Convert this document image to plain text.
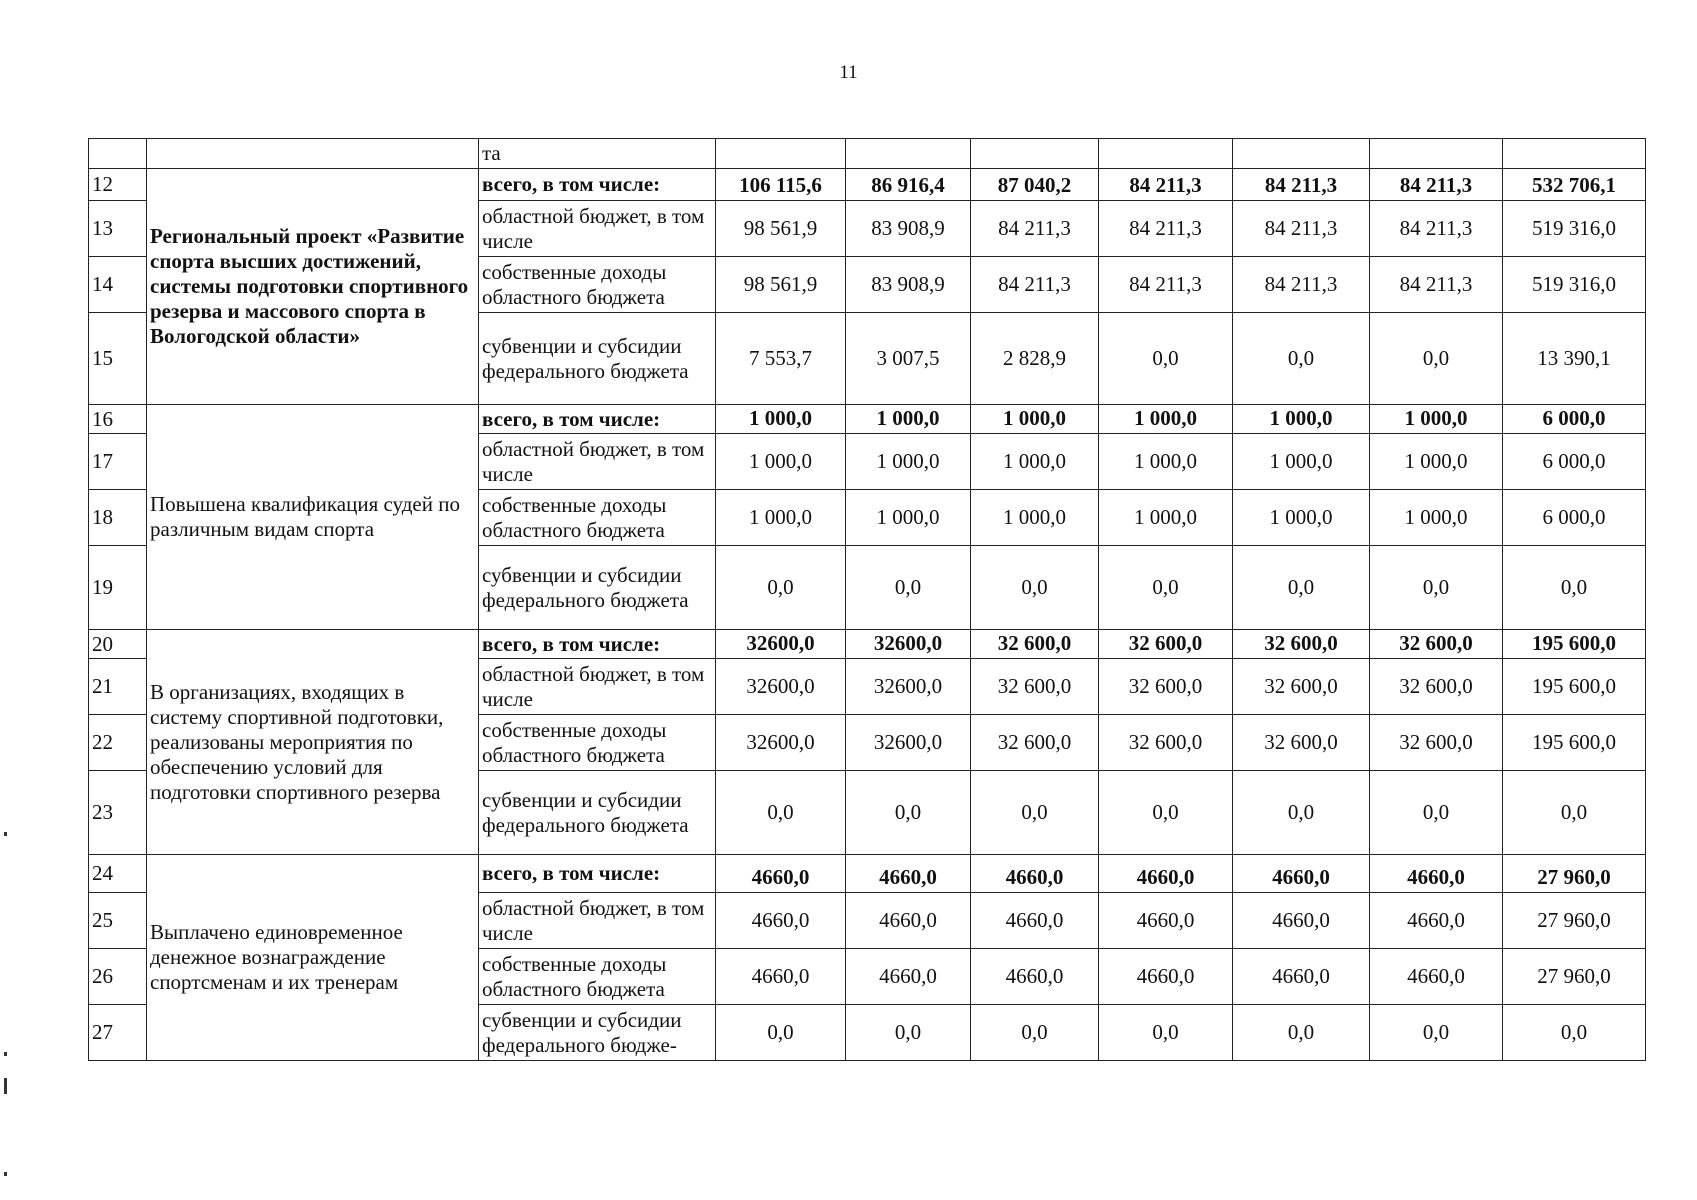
11
		та							
12	Региональный проект «Развитие спорта высших достижений, системы подготовки спортивного резерва и массового спорта в Вологодской области»	всего, в том числе:	106 115,6	86 916,4	87 040,2	84 211,3	84 211,3	84 211,3	532 706,1
13		областной бюджет, в том числе	98 561,9	83 908,9	84 211,3	84 211,3	84 211,3	84 211,3	519 316,0
14		собственные доходы областного бюджета	98 561,9	83 908,9	84 211,3	84 211,3	84 211,3	84 211,3	519 316,0
15		субвенции и субсидии федерального бюджета	7 553,7	3 007,5	2 828,9	0,0	0,0	0,0	13 390,1
16	Повышена квалификация судей по различным видам спорта	всего, в том числе:	1 000,0	1 000,0	1 000,0	1 000,0	1 000,0	1 000,0	6 000,0
17		областной бюджет, в том числе	1 000,0	1 000,0	1 000,0	1 000,0	1 000,0	1 000,0	6 000,0
18		собственные доходы областного бюджета	1 000,0	1 000,0	1 000,0	1 000,0	1 000,0	1 000,0	6 000,0
19		субвенции и субсидии федерального бюджета	0,0	0,0	0,0	0,0	0,0	0,0	0,0
20	В организациях, входящих в систему спортивной подготовки, реализованы мероприятия по обеспечению условий для подготовки спортивного резерва	всего, в том числе:	32600,0	32600,0	32 600,0	32 600,0	32 600,0	32 600,0	195 600,0
21		областной бюджет, в том числе	32600,0	32600,0	32 600,0	32 600,0	32 600,0	32 600,0	195 600,0
22		собственные доходы областного бюджета	32600,0	32600,0	32 600,0	32 600,0	32 600,0	32 600,0	195 600,0
23		субвенции и субсидии федерального бюджета	0,0	0,0	0,0	0,0	0,0	0,0	0,0
24	Выплачено единовременное денежное вознаграждение спортсменам и их тренерам	всего, в том числе:	4660,0	4660,0	4660,0	4660,0	4660,0	4660,0	27 960,0
25		областной бюджет, в том числе	4660,0	4660,0	4660,0	4660,0	4660,0	4660,0	27 960,0
26		собственные доходы областного бюджета	4660,0	4660,0	4660,0	4660,0	4660,0	4660,0	27 960,0
27		субвенции и субсидии федерального бюдже-	0,0	0,0	0,0	0,0	0,0	0,0	0,0
